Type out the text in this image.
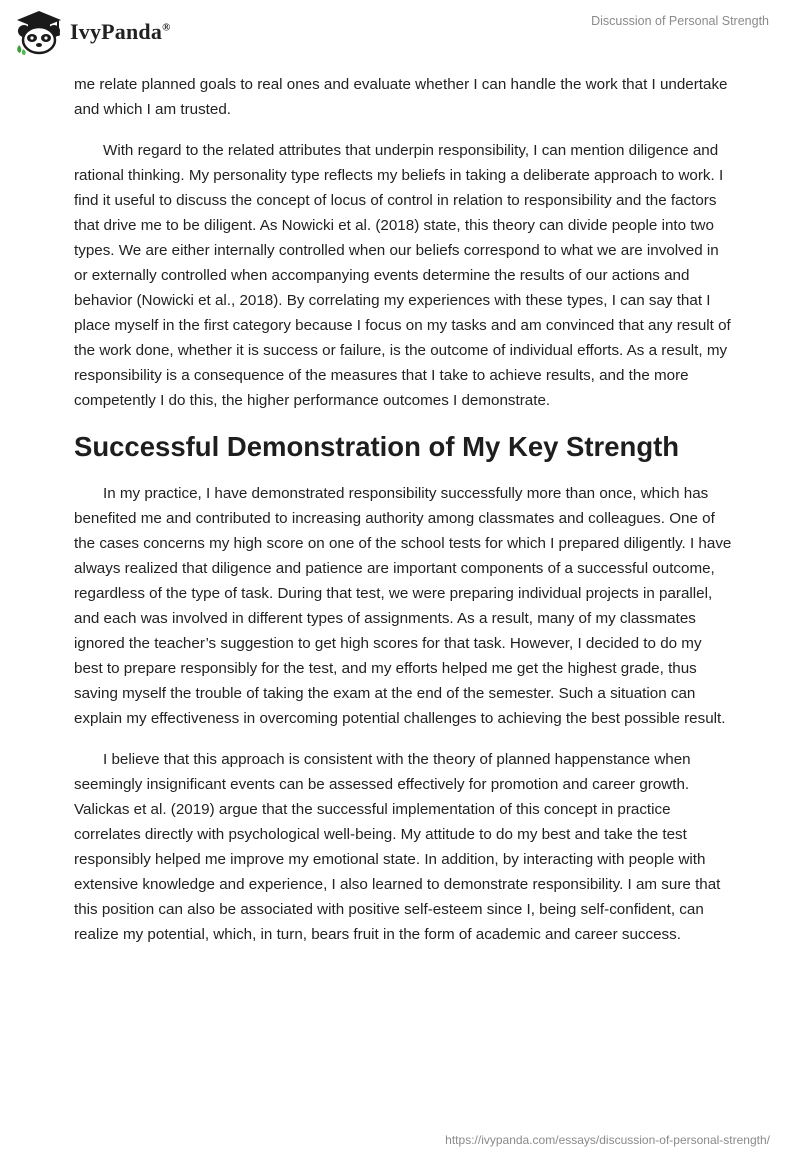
IvyPanda®	Discussion of Personal Strength

me relate planned goals to real ones and evaluate whether I can handle the work that I undertake and which I am trusted.

With regard to the related attributes that underpin responsibility, I can mention diligence and rational thinking. My personality type reflects my beliefs in taking a deliberate approach to work. I find it useful to discuss the concept of locus of control in relation to responsibility and the factors that drive me to be diligent. As Nowicki et al. (2018) state, this theory can divide people into two types. We are either internally controlled when our beliefs correspond to what we are involved in or externally controlled when accompanying events determine the results of our actions and behavior (Nowicki et al., 2018). By correlating my experiences with these types, I can say that I place myself in the first category because I focus on my tasks and am convinced that any result of the work done, whether it is success or failure, is the outcome of individual efforts. As a result, my responsibility is a consequence of the measures that I take to achieve results, and the more competently I do this, the higher performance outcomes I demonstrate.

Successful Demonstration of My Key Strength

In my practice, I have demonstrated responsibility successfully more than once, which has benefited me and contributed to increasing authority among classmates and colleagues. One of the cases concerns my high score on one of the school tests for which I prepared diligently. I have always realized that diligence and patience are important components of a successful outcome, regardless of the type of task. During that test, we were preparing individual projects in parallel, and each was involved in different types of assignments. As a result, many of my classmates ignored the teacher’s suggestion to get high scores for that task. However, I decided to do my best to prepare responsibly for the test, and my efforts helped me get the highest grade, thus saving myself the trouble of taking the exam at the end of the semester. Such a situation can explain my effectiveness in overcoming potential challenges to achieving the best possible result.

I believe that this approach is consistent with the theory of planned happenstance when seemingly insignificant events can be assessed effectively for promotion and career growth. Valickas et al. (2019) argue that the successful implementation of this concept in practice correlates directly with psychological well-being. My attitude to do my best and take the test responsibly helped me improve my emotional state. In addition, by interacting with people with extensive knowledge and experience, I also learned to demonstrate responsibility. I am sure that this position can also be associated with positive self-esteem since I, being self-confident, can realize my potential, which, in turn, bears fruit in the form of academic and career success.

https://ivypanda.com/essays/discussion-of-personal-strength/
